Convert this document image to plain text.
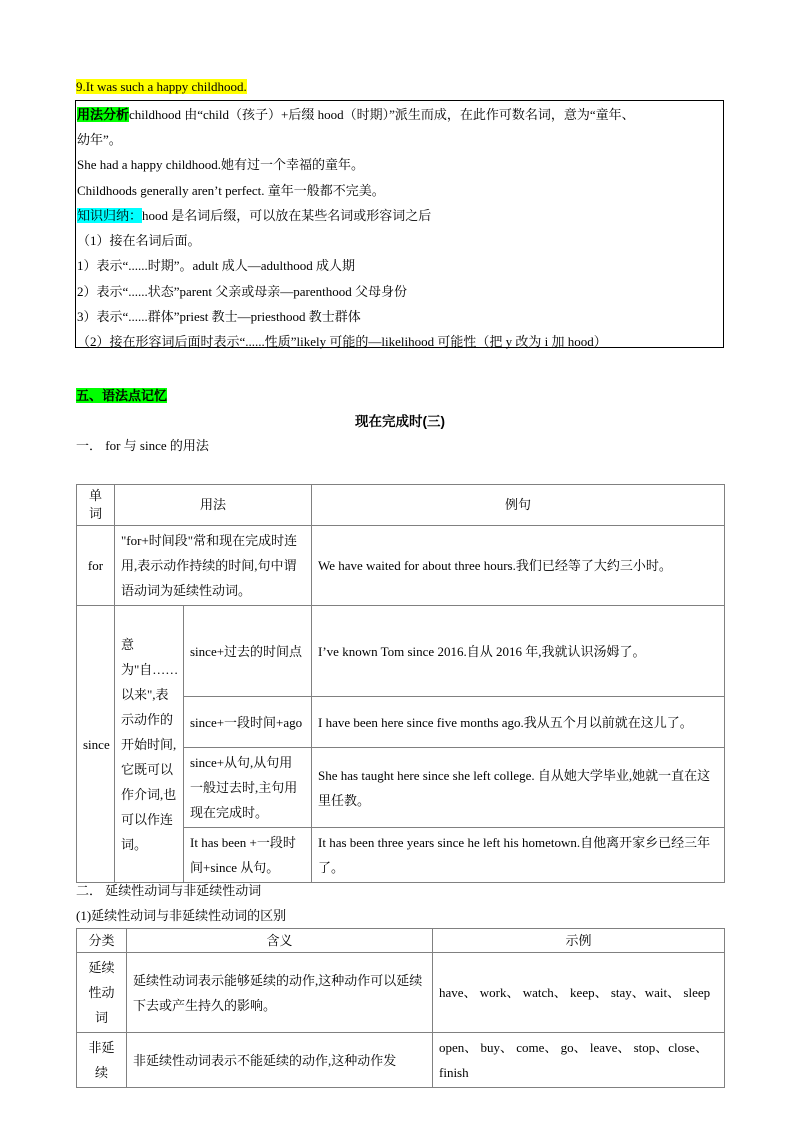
9.It was such a happy childhood.
用法分析childhood 由“child（孩子）+后缀 hood（时期）”派生而成，在此作可数名词，意为“童年、
幼年”。
She had a happy childhood.她有过一个幸福的童年。
Childhoods generally aren’t perfect. 童年一般都不完美。
知识归纳：hood 是名词后缀，可以放在某些名词或形容词之后
（1）接在名词后面。
1）表示“......时期”。adult 成人—adulthood 成人期
2）表示“......状态”parent 父亲或母亲—parenthood 父母身份
3）表示“......群体”priest 教士—priesthood 教士群体
（2）接在形容词后面时表示“......性质”likely 可能的—likelihood 可能性（把 y 改为 i 加 hood）
五、语法点记忆
现在完成时(三)
一． for 与 since 的用法
单词	用法		例句
for	"for+时间段"常和现在完成时连用,表示动作持续的时间,句中谓语动词为延续性动词。		We have waited for about three hours.我们已经等了大约三小时。
since	意为"自……以来",表示动作的开始时间,它既可以作介词,也可以作连词。	since+过去的时间点	I’ve known Tom since 2016.自从 2016 年,我就认识汤姆了。
		since+一段时间+ago	I have been here since five months ago.我从五个月以前就在这儿了。
		since+从句,从句用一般过去时,主句用现在完成时。	She has taught here since she left college. 自从她大学毕业,她就一直在这里任教。
		It has been +一段时间+since 从句。	It has been three years since he left his hometown.自他离开家乡已经三年了。
二． 延续性动词与非延续性动词
(1)延续性动词与非延续性动词的区别
分类	含义	示例
延续性动词	延续性动词表示能够延续的动作,这种动作可以延续下去或产生持久的影响。	have、 work、 watch、 keep、 stay、wait、 sleep
非延续	非延续性动词表示不能延续的动作,这种动作发	open、 buy、 come、 go、 leave、 stop、close、 finish
